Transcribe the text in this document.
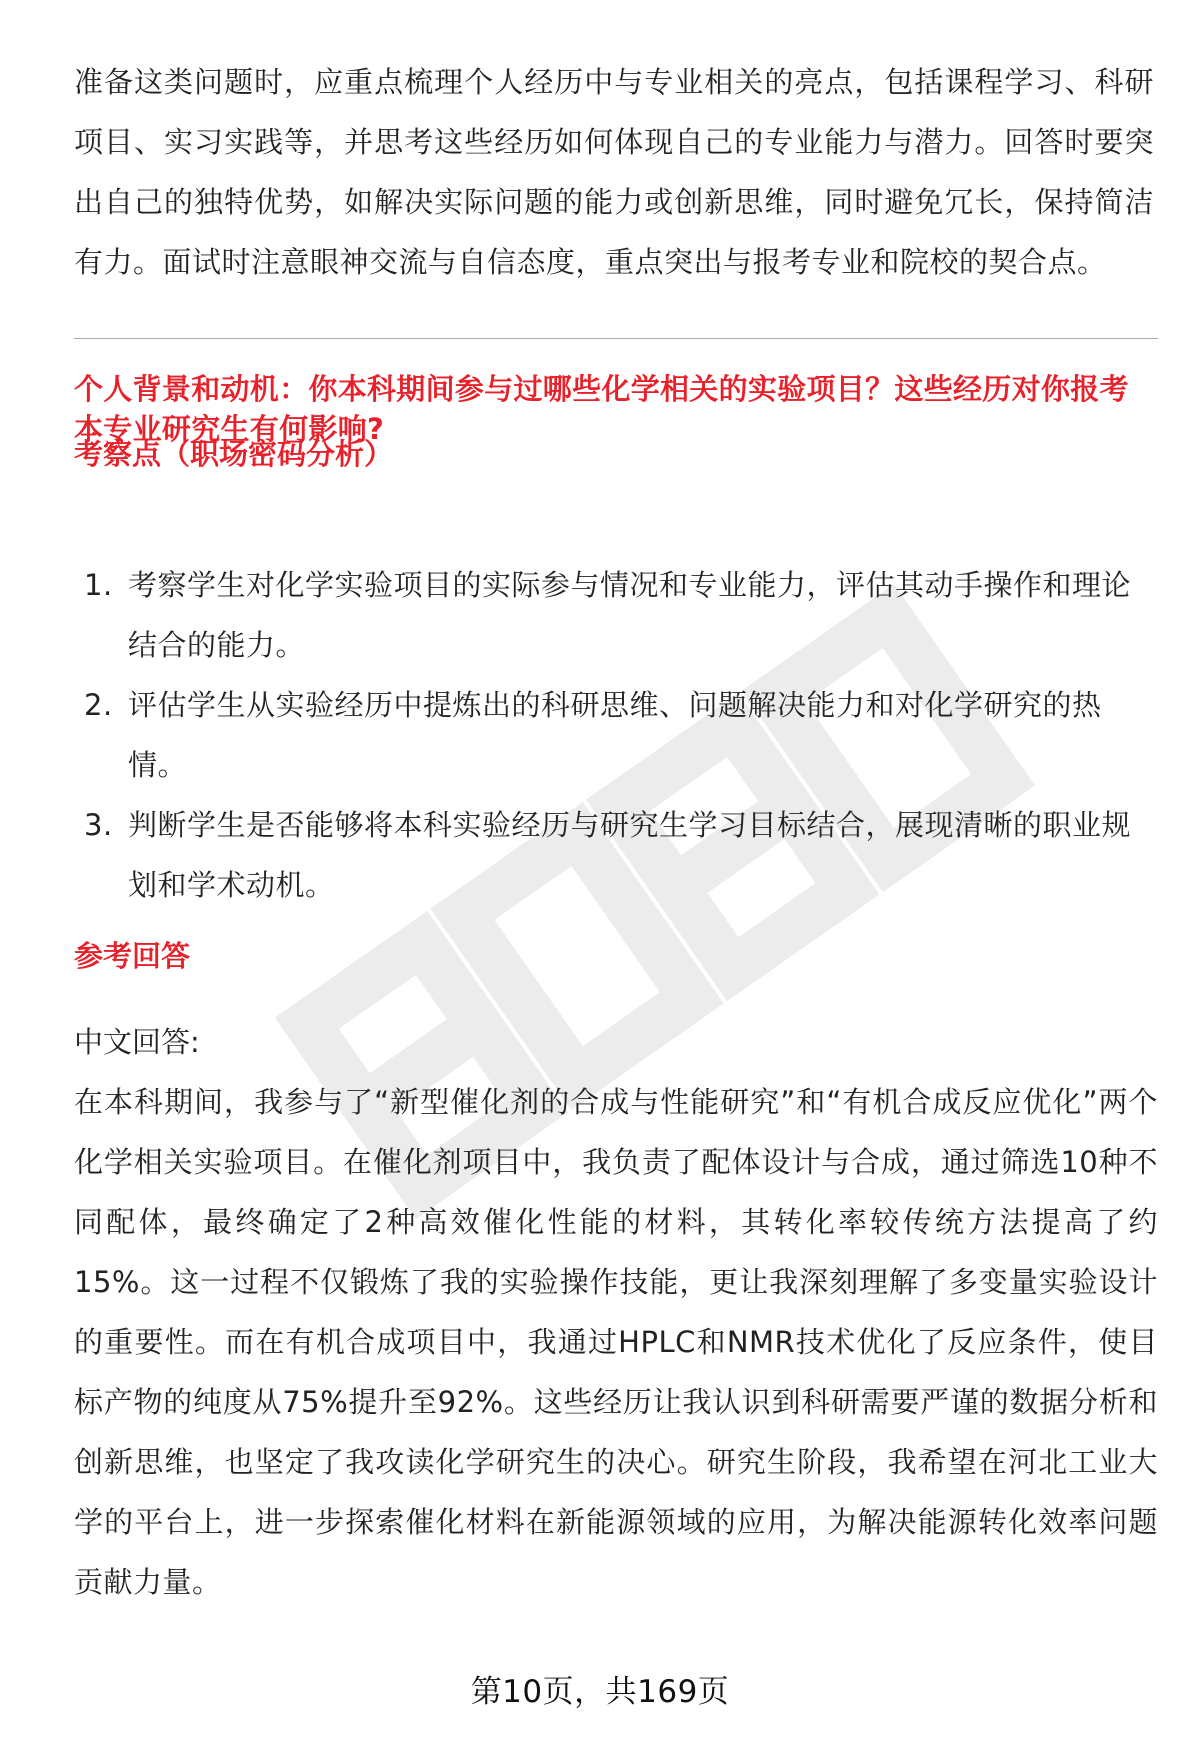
准备这类问题时，应重点梳理个人经历中与专业相关的亮点，包括课程学习、科研项目、实习实践等，并思考这些经历如何体现自己的专业能力与潜力。回答时要突出自己的独特优势，如解决实际问题的能力或创新思维，同时避免冗长，保持简洁有力。面试时注意眼神交流与自信态度，重点突出与报考专业和院校的契合点。

个人背景和动机：你本科期间参与过哪些化学相关的实验项目？这些经历对你报考本专业研究生有何影响?
考察点（职场密码分析）
1. 考察学生对化学实验项目的实际参与情况和专业能力，评估其动手操作和理论结合的能力。
2. 评估学生从实验经历中提炼出的科研思维、问题解决能力和对化学研究的热情。
3. 判断学生是否能够将本科实验经历与研究生学习目标结合，展现清晰的职业规划和学术动机。
参考回答

中文回答:

在本科期间，我参与了“新型催化剂的合成与性能研究”和“有机合成反应优化”两个化学相关实验项目。在催化剂项目中，我负责了配体设计与合成，通过筛选10种不同配体，最终确定了2种高效催化性能的材料，其转化率较传统方法提高了约15%。这一过程不仅锻炼了我的实验操作技能，更让我深刻理解了多变量实验设计的重要性。而在有机合成项目中，我通过HPLC和NMR技术优化了反应条件，使目标产物的纯度从75%提升至92%。这些经历让我认识到科研需要严谨的数据分析和创新思维，也坚定了我攻读化学研究生的决心。研究生阶段，我希望在河北工业大学的平台上，进一步探索催化材料在新能源领域的应用，为解决能源转化效率问题贡献力量。

第10页，共169页
